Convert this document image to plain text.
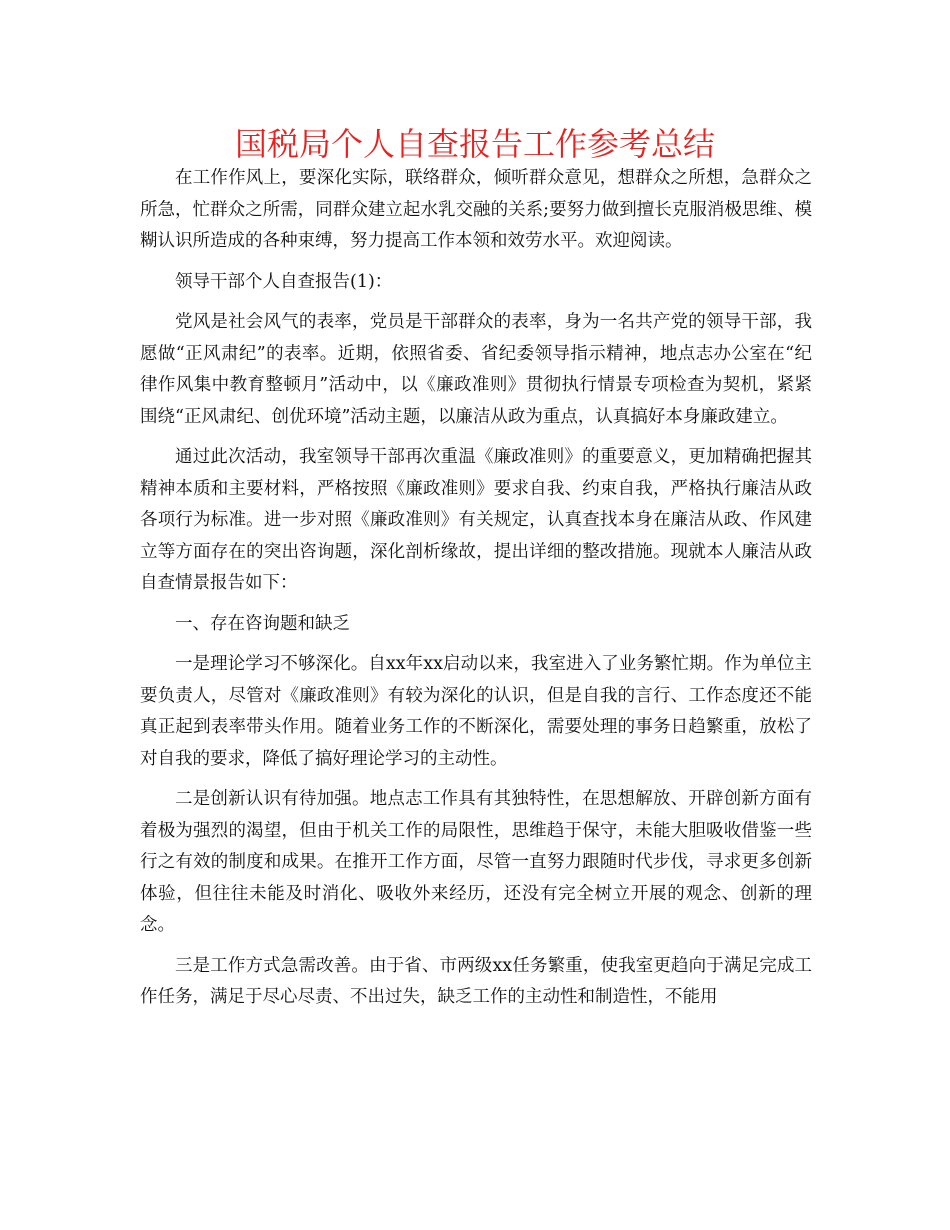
国税局个人自查报告工作参考总结

在工作作风上，要深化实际，联络群众，倾听群众意见，想群众之所想，急群众之所急，忙群众之所需，同群众建立起水乳交融的关系;要努力做到擅长克服消极思维、模糊认识所造成的各种束缚，努力提高工作本领和效劳水平。欢迎阅读。

领导干部个人自查报告(1)：

党风是社会风气的表率，党员是干部群众的表率，身为一名共产党的领导干部，我愿做“正风肃纪”的表率。近期，依照省委、省纪委领导指示精神，地点志办公室在“纪律作风集中教育整顿月”活动中，以《廉政准则》贯彻执行情景专项检查为契机，紧紧围绕“正风肃纪、创优环境”活动主题，以廉洁从政为重点，认真搞好本身廉政建立。

通过此次活动，我室领导干部再次重温《廉政准则》的重要意义，更加精确把握其精神本质和主要材料，严格按照《廉政准则》要求自我、约束自我，严格执行廉洁从政各项行为标准。进一步对照《廉政准则》有关规定，认真查找本身在廉洁从政、作风建立等方面存在的突出咨询题，深化剖析缘故，提出详细的整改措施。现就本人廉洁从政自查情景报告如下：

一、存在咨询题和缺乏

一是理论学习不够深化。自xx年xx启动以来，我室进入了业务繁忙期。作为单位主要负责人，尽管对《廉政准则》有较为深化的认识，但是自我的言行、工作态度还不能真正起到表率带头作用。随着业务工作的不断深化，需要处理的事务日趋繁重，放松了对自我的要求，降低了搞好理论学习的主动性。

二是创新认识有待加强。地点志工作具有其独特性，在思想解放、开辟创新方面有着极为强烈的渴望，但由于机关工作的局限性，思维趋于保守，未能大胆吸收借鉴一些行之有效的制度和成果。在推开工作方面，尽管一直努力跟随时代步伐，寻求更多创新体验，但往往未能及时消化、吸收外来经历，还没有完全树立开展的观念、创新的理念。

三是工作方式急需改善。由于省、市两级xx任务繁重，使我室更趋向于满足完成工作任务，满足于尽心尽责、不出过失，缺乏工作的主动性和制造性，不能用
